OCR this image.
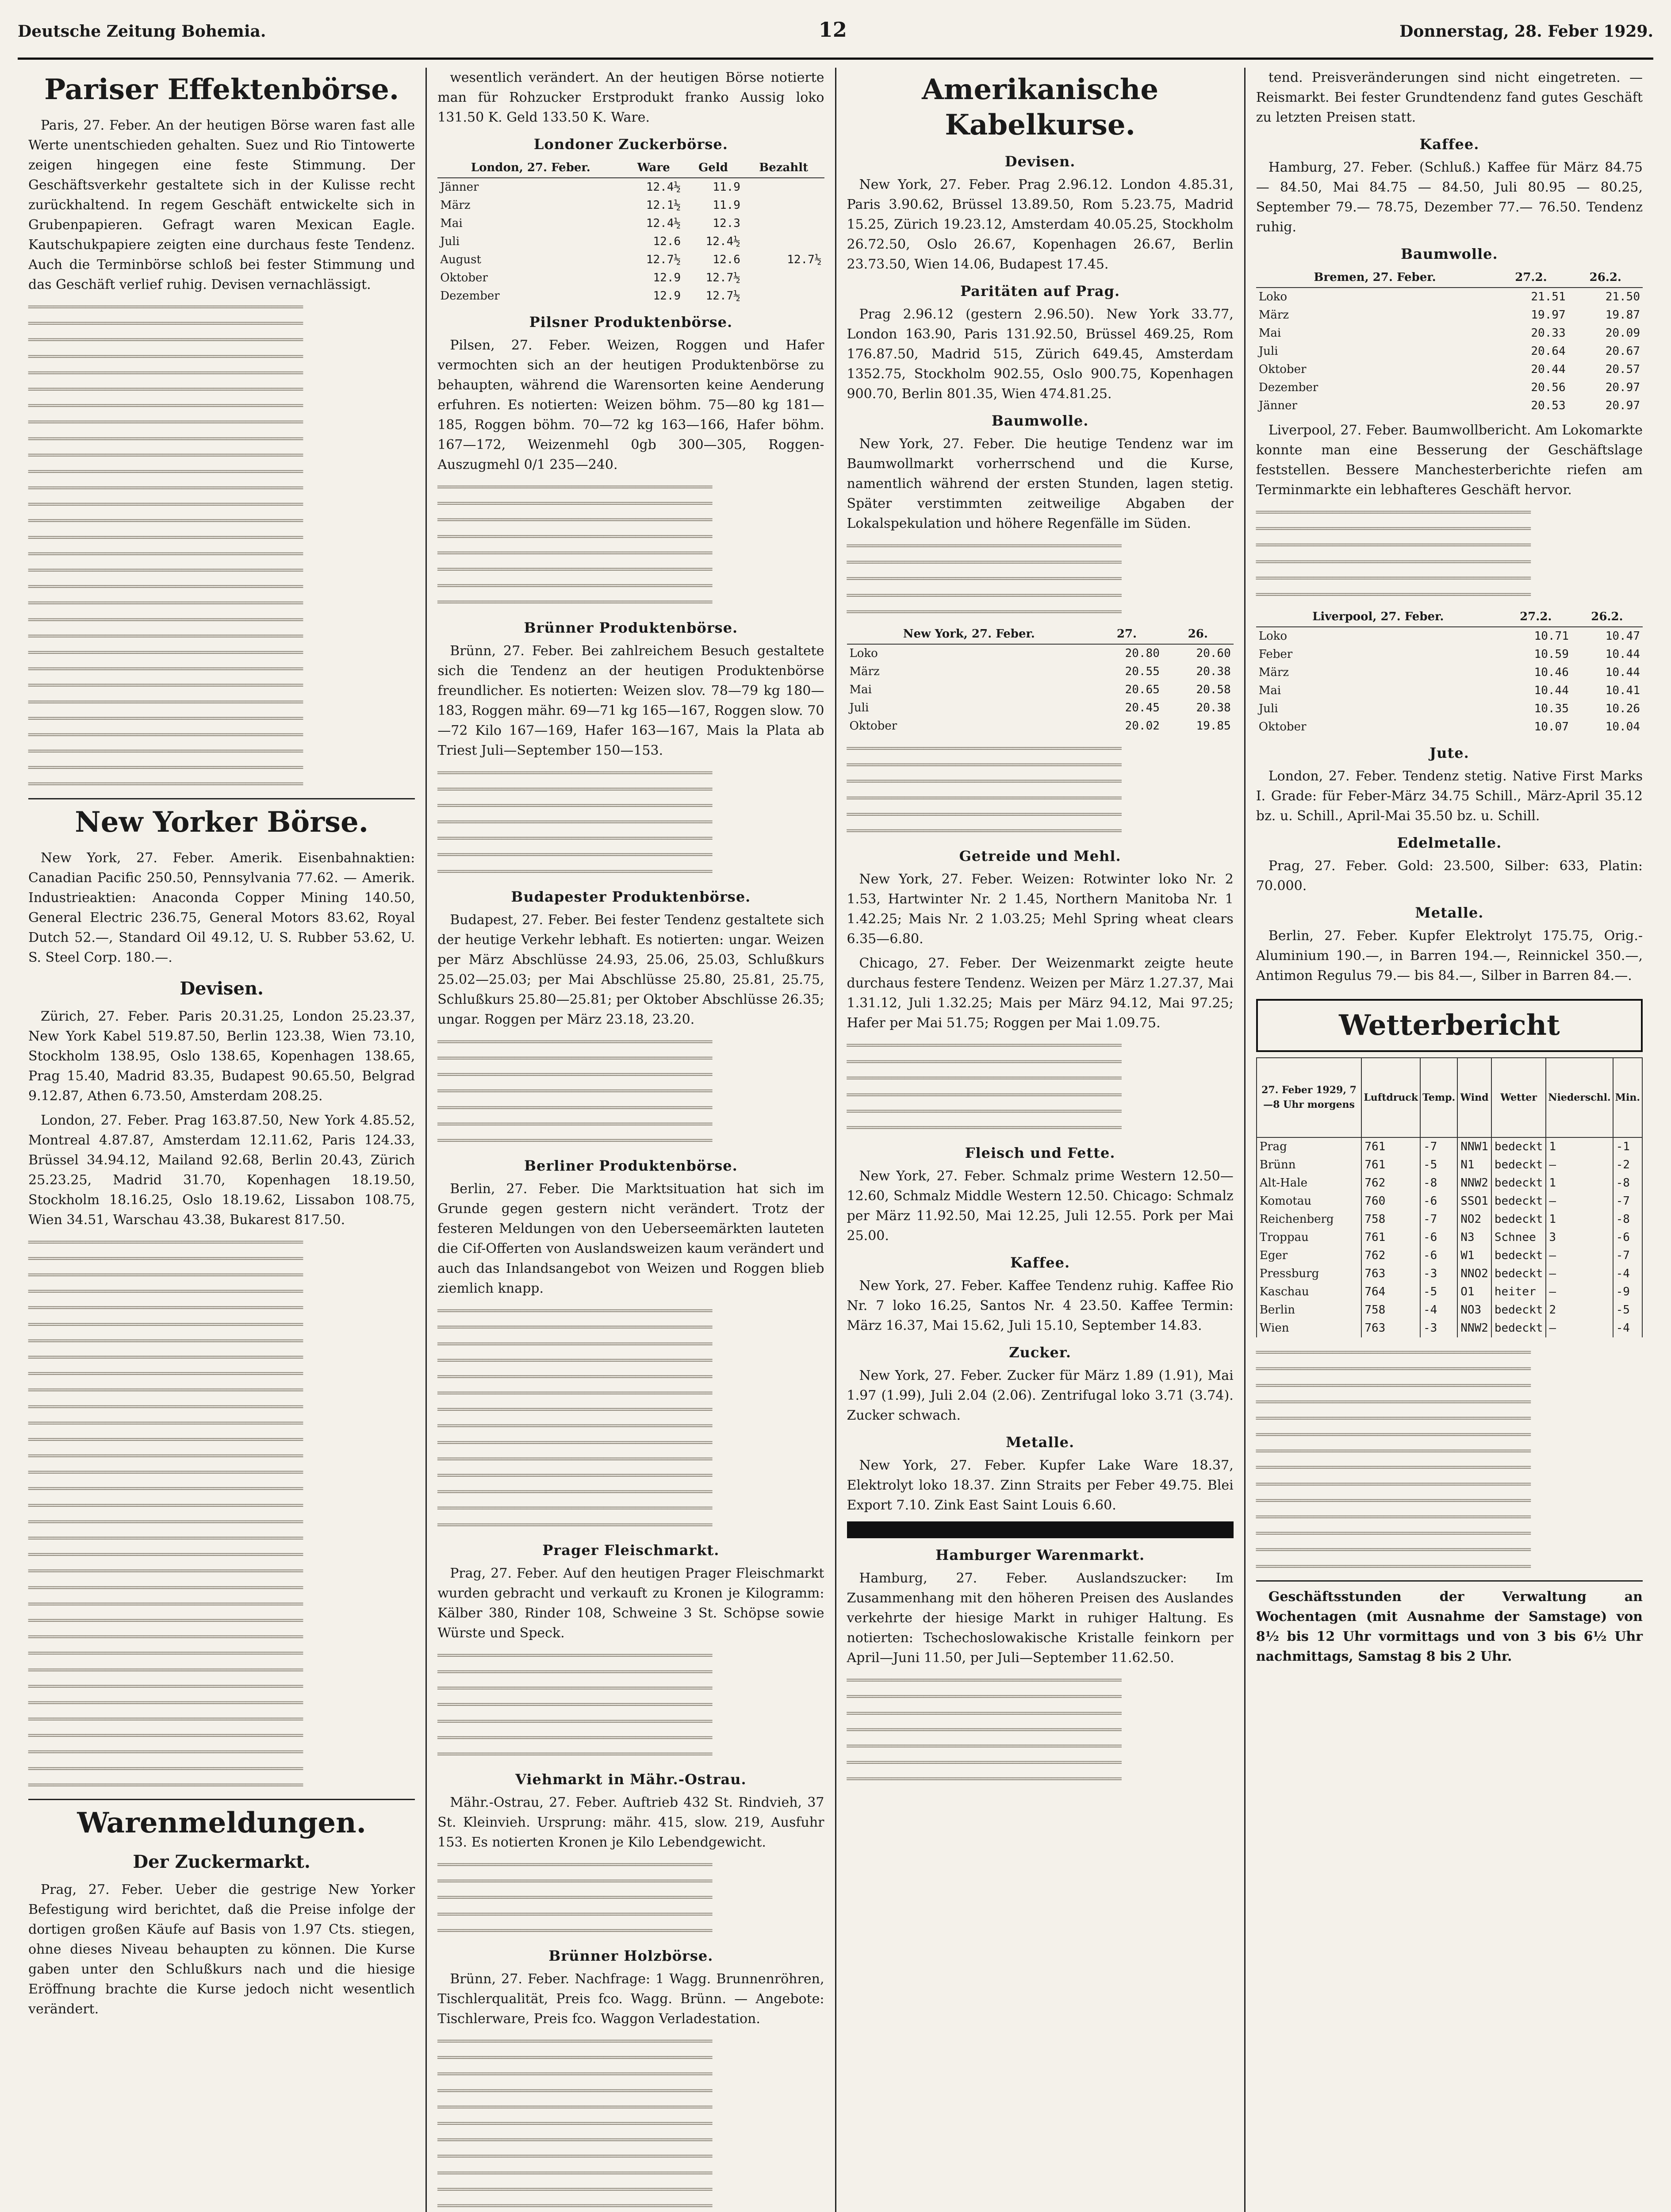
Deutsche Zeitung Bohemia.	12	Donnerstag, 28. Feber 1929.
Pariser Effektenbörse.
Paris, 27. Feber. An der heutigen Börse waren fast alle Werte unentschieden gehalten. Suez und Rio Tintowerte zeigen hingegen eine feste Stimmung. Der Geschäftsverkehr gestaltete sich in der Kulisse recht zurückhaltend. In regem Geschäft entwickelte sich in Grubenpapieren. Gefragt waren Mexican Eagle. Kautschukpapiere zeigten eine durchaus feste Tendenz. Auch die Terminbörse schloß bei fester Stimmung und das Geschäft verlief ruhig. Devisen vernachlässigt.
═══════════════════════════════════════════
═══════════════════════════════════════════
═══════════════════════════════════════════
═══════════════════════════════════════════
═══════════════════════════════════════════
═══════════════════════════════════════════
═══════════════════════════════════════════
═══════════════════════════════════════════
═══════════════════════════════════════════
═══════════════════════════════════════════
═══════════════════════════════════════════
═══════════════════════════════════════════
═══════════════════════════════════════════
═══════════════════════════════════════════
═══════════════════════════════════════════
═══════════════════════════════════════════
═══════════════════════════════════════════
═══════════════════════════════════════════
═══════════════════════════════════════════
═══════════════════════════════════════════
═══════════════════════════════════════════
═══════════════════════════════════════════
═══════════════════════════════════════════
═══════════════════════════════════════════
═══════════════════════════════════════════
═══════════════════════════════════════════
═══════════════════════════════════════════
═══════════════════════════════════════════
═══════════════════════════════════════════
═══════════════════════════════════════════
New Yorker Börse.
New York, 27. Feber. Amerik. Eisenbahnaktien: Canadian Pacific 250.50, Pennsylvania 77.62. — Amerik. Industrieaktien: Anaconda Copper Mining 140.50, General Electric 236.75, General Motors 83.62, Royal Dutch 52.—, Standard Oil 49.12, U. S. Rubber 53.62, U. S. Steel Corp. 180.—.
Devisen.
Zürich, 27. Feber. Paris 20.31.25, London 25.23.37, New York Kabel 519.87.50, Berlin 123.38, Wien 73.10, Stockholm 138.95, Oslo 138.65, Kopenhagen 138.65, Prag 15.40, Madrid 83.35, Budapest 90.65.50, Belgrad 9.12.87, Athen 6.73.50, Amsterdam 208.25.
London, 27. Feber. Prag 163.87.50, New York 4.85.52, Montreal 4.87.87, Amsterdam 12.11.62, Paris 124.33, Brüssel 34.94.12, Mailand 92.68, Berlin 20.43, Zürich 25.23.25, Madrid 31.70, Kopenhagen 18.19.50, Stockholm 18.16.25, Oslo 18.19.62, Lissabon 108.75, Wien 34.51, Warschau 43.38, Bukarest 817.50.
═══════════════════════════════════════════
═══════════════════════════════════════════
═══════════════════════════════════════════
═══════════════════════════════════════════
═══════════════════════════════════════════
═══════════════════════════════════════════
═══════════════════════════════════════════
═══════════════════════════════════════════
═══════════════════════════════════════════
═══════════════════════════════════════════
═══════════════════════════════════════════
═══════════════════════════════════════════
═══════════════════════════════════════════
═══════════════════════════════════════════
═══════════════════════════════════════════
═══════════════════════════════════════════
═══════════════════════════════════════════
═══════════════════════════════════════════
═══════════════════════════════════════════
═══════════════════════════════════════════
═══════════════════════════════════════════
═══════════════════════════════════════════
═══════════════════════════════════════════
═══════════════════════════════════════════
═══════════════════════════════════════════
═══════════════════════════════════════════
═══════════════════════════════════════════
═══════════════════════════════════════════
═══════════════════════════════════════════
═══════════════════════════════════════════
═══════════════════════════════════════════
═══════════════════════════════════════════
═══════════════════════════════════════════
═══════════════════════════════════════════
Warenmeldungen.
Der Zuckermarkt.
Prag, 27. Feber. Ueber die gestrige New Yorker Befestigung wird berichtet, daß die Preise infolge der dortigen großen Käufe auf Basis von 1.97 Cts. stiegen, ohne dieses Niveau behaupten zu können. Die Kurse gaben unter den Schlußkurs nach und die hiesige Eröffnung brachte die Kurse jedoch nicht wesentlich verändert.
wesentlich verändert. An der heutigen Börse notierte man für Rohzucker Erstprodukt franko Aussig loko 131.50 K. Geld 133.50 K. Ware.
Londoner Zuckerbörse.
London, 27. Feber.	Ware	Geld	Bezahlt
Jänner	12.4½	11.9	
März	12.1½	11.9	
Mai	12.4½	12.3	
Juli	12.6	12.4½	
August	12.7½	12.6	12.7½
Oktober	12.9	12.7½	
Dezember	12.9	12.7½	
Pilsner Produktenbörse.
Pilsen, 27. Feber. Weizen, Roggen und Hafer vermochten sich an der heutigen Produktenbörse zu behaupten, während die Warensorten keine Aenderung erfuhren. Es notierten: Weizen böhm. 75—80 kg 181—185, Roggen böhm. 70—72 kg 163—166, Hafer böhm. 167—172, Weizenmehl 0gb 300—305, Roggen-Auszugmehl 0/1 235—240.
═══════════════════════════════════════════
═══════════════════════════════════════════
═══════════════════════════════════════════
═══════════════════════════════════════════
═══════════════════════════════════════════
═══════════════════════════════════════════
═══════════════════════════════════════════
═══════════════════════════════════════════
Brünner Produktenbörse.
Brünn, 27. Feber. Bei zahlreichem Besuch gestaltete sich die Tendenz an der heutigen Produktenbörse freundlicher. Es notierten: Weizen slov. 78—79 kg 180—183, Roggen mähr. 69—71 kg 165—167, Roggen slow. 70—72 Kilo 167—169, Hafer 163—167, Mais la Plata ab Triest Juli—September 150—153.
═══════════════════════════════════════════
═══════════════════════════════════════════
═══════════════════════════════════════════
═══════════════════════════════════════════
═══════════════════════════════════════════
═══════════════════════════════════════════
═══════════════════════════════════════════
Budapester Produktenbörse.
Budapest, 27. Feber. Bei fester Tendenz gestaltete sich der heutige Verkehr lebhaft. Es notierten: ungar. Weizen per März Abschlüsse 24.93, 25.06, 25.03, Schlußkurs 25.02—25.03; per Mai Abschlüsse 25.80, 25.81, 25.75, Schlußkurs 25.80—25.81; per Oktober Abschlüsse 26.35; ungar. Roggen per März 23.18, 23.20.
═══════════════════════════════════════════
═══════════════════════════════════════════
═══════════════════════════════════════════
═══════════════════════════════════════════
═══════════════════════════════════════════
═══════════════════════════════════════════
═══════════════════════════════════════════
Berliner Produktenbörse.
Berlin, 27. Feber. Die Marktsituation hat sich im Grunde gegen gestern nicht verändert. Trotz der festeren Meldungen von den Ueberseemärkten lauteten die Cif-Offerten von Auslandsweizen kaum verändert und auch das Inlandsangebot von Weizen und Roggen blieb ziemlich knapp.
═══════════════════════════════════════════
═══════════════════════════════════════════
═══════════════════════════════════════════
═══════════════════════════════════════════
═══════════════════════════════════════════
═══════════════════════════════════════════
═══════════════════════════════════════════
═══════════════════════════════════════════
═══════════════════════════════════════════
═══════════════════════════════════════════
═══════════════════════════════════════════
═══════════════════════════════════════════
═══════════════════════════════════════════
═══════════════════════════════════════════
Prager Fleischmarkt.
Prag, 27. Feber. Auf den heutigen Prager Fleischmarkt wurden gebracht und verkauft zu Kronen je Kilogramm: Kälber 380, Rinder 108, Schweine 3 St. Schöpse sowie Würste und Speck.
═══════════════════════════════════════════
═══════════════════════════════════════════
═══════════════════════════════════════════
═══════════════════════════════════════════
═══════════════════════════════════════════
═══════════════════════════════════════════
═══════════════════════════════════════════
Viehmarkt in Mähr.-Ostrau.
Mähr.-Ostrau, 27. Feber. Auftrieb 432 St. Rindvieh, 37 St. Kleinvieh. Ursprung: mähr. 415, slow. 219, Ausfuhr 153. Es notierten Kronen je Kilo Lebendgewicht.
═══════════════════════════════════════════
═══════════════════════════════════════════
═══════════════════════════════════════════
═══════════════════════════════════════════
═══════════════════════════════════════════
Brünner Holzbörse.
Brünn, 27. Feber. Nachfrage: 1 Wagg. Brunnenröhren, Tischlerqualität, Preis fco. Wagg. Brünn. — Angebote: Tischlerware, Preis fco. Waggon Verladestation.
═══════════════════════════════════════════
═══════════════════════════════════════════
═══════════════════════════════════════════
═══════════════════════════════════════════
═══════════════════════════════════════════
═══════════════════════════════════════════
═══════════════════════════════════════════
═══════════════════════════════════════════
═══════════════════════════════════════════
═══════════════════════════════════════════
═══════════════════════════════════════════

Amerikanische Kabelkurse.
Devisen.
New York, 27. Feber. Prag 2.96.12. London 4.85.31, Paris 3.90.62, Brüssel 13.89.50, Rom 5.23.75, Madrid 15.25, Zürich 19.23.12, Amsterdam 40.05.25, Stockholm 26.72.50, Oslo 26.67, Kopenhagen 26.67, Berlin 23.73.50, Wien 14.06, Budapest 17.45.
Paritäten auf Prag.
Prag 2.96.12 (gestern 2.96.50). New York 33.77, London 163.90, Paris 131.92.50, Brüssel 469.25, Rom 176.87.50, Madrid 515, Zürich 649.45, Amsterdam 1352.75, Stockholm 902.55, Oslo 900.75, Kopenhagen 900.70, Berlin 801.35, Wien 474.81.25.
Baumwolle.
New York, 27. Feber. Die heutige Tendenz war im Baumwollmarkt vorherrschend und die Kurse, namentlich während der ersten Stunden, lagen stetig. Später verstimmten zeitweilige Abgaben der Lokalspekulation und höhere Regenfälle im Süden.
═══════════════════════════════════════════
═══════════════════════════════════════════
═══════════════════════════════════════════
═══════════════════════════════════════════
═══════════════════════════════════════════
New York, 27. Feber.	27.	26.
Loko	20.80	20.60
März	20.55	20.38
Mai	20.65	20.58
Juli	20.45	20.38
Oktober	20.02	19.85
═══════════════════════════════════════════
═══════════════════════════════════════════
═══════════════════════════════════════════
═══════════════════════════════════════════
═══════════════════════════════════════════
═══════════════════════════════════════════
Getreide und Mehl.
New York, 27. Feber. Weizen: Rotwinter loko Nr. 2 1.53, Hartwinter Nr. 2 1.45, Northern Manitoba Nr. 1 1.42.25; Mais Nr. 2 1.03.25; Mehl Spring wheat clears 6.35—6.80.
Chicago, 27. Feber. Der Weizenmarkt zeigte heute durchaus festere Tendenz. Weizen per März 1.27.37, Mai 1.31.12, Juli 1.32.25; Mais per März 94.12, Mai 97.25; Hafer per Mai 51.75; Roggen per Mai 1.09.75.
═══════════════════════════════════════════
═══════════════════════════════════════════
═══════════════════════════════════════════
═══════════════════════════════════════════
═══════════════════════════════════════════
═══════════════════════════════════════════
Fleisch und Fette.
New York, 27. Feber. Schmalz prime Western 12.50—12.60, Schmalz Middle Western 12.50. Chicago: Schmalz per März 11.92.50, Mai 12.25, Juli 12.55. Pork per Mai 25.00.
Kaffee.
New York, 27. Feber. Kaffee Tendenz ruhig. Kaffee Rio Nr. 7 loko 16.25, Santos Nr. 4 23.50. Kaffee Termin: März 16.37, Mai 15.62, Juli 15.10, September 14.83.
Zucker.
New York, 27. Feber. Zucker für März 1.89 (1.91), Mai 1.97 (1.99), Juli 2.04 (2.06). Zentrifugal loko 3.71 (3.74). Zucker schwach.
Metalle.
New York, 27. Feber. Kupfer Lake Ware 18.37, Elektrolyt loko 18.37. Zinn Straits per Feber 49.75. Blei Export 7.10. Zink East Saint Louis 6.60.
Hamburger Warenmarkt.
Hamburg, 27. Feber. Auslandszucker: Im Zusammenhang mit den höheren Preisen des Auslandes verkehrte der hiesige Markt in ruhiger Haltung. Es notierten: Tschechoslowakische Kristalle feinkorn per April—Juni 11.50, per Juli—September 11.62.50.
═══════════════════════════════════════════
═══════════════════════════════════════════
═══════════════════════════════════════════
═══════════════════════════════════════════
═══════════════════════════════════════════
═══════════════════════════════════════════
═══════════════════════════════════════════
tend. Preisveränderungen sind nicht eingetreten. — Reismarkt. Bei fester Grundtendenz fand gutes Geschäft zu letzten Preisen statt.
Kaffee.
Hamburg, 27. Feber. (Schluß.) Kaffee für März 84.75 — 84.50, Mai 84.75 — 84.50, Juli 80.95 — 80.25, September 79.— 78.75, Dezember 77.— 76.50. Tendenz ruhig.
Baumwolle.
Bremen, 27. Feber.	27.2.	26.2.
Loko	21.51	21.50
März	19.97	19.87
Mai	20.33	20.09
Juli	20.64	20.67
Oktober	20.44	20.57
Dezember	20.56	20.97
Jänner	20.53	20.97
Liverpool, 27. Feber. Baumwollbericht. Am Lokomarkte konnte man eine Besserung der Geschäftslage feststellen. Bessere Manchesterberichte riefen am Terminmarkte ein lebhafteres Geschäft hervor.
═══════════════════════════════════════════
═══════════════════════════════════════════
═══════════════════════════════════════════
═══════════════════════════════════════════
═══════════════════════════════════════════
═══════════════════════════════════════════
Liverpool, 27. Feber.	27.2.	26.2.
Loko	10.71	10.47
Feber	10.59	10.44
März	10.46	10.44
Mai	10.44	10.41
Juli	10.35	10.26
Oktober	10.07	10.04
Jute.
London, 27. Feber. Tendenz stetig. Native First Marks I. Grade: für Feber-März 34.75 Schill., März-April 35.12 bz. u. Schill., April-Mai 35.50 bz. u. Schill.
Edelmetalle.
Prag, 27. Feber. Gold: 23.500, Silber: 633, Platin: 70.000.
Metalle.
Berlin, 27. Feber. Kupfer Elektrolyt 175.75, Orig.-Aluminium 190.—, in Barren 194.—, Reinnickel 350.—, Antimon Regulus 79.— bis 84.—, Silber in Barren 84.—.
Wetterbericht
27. Feber 1929, 7—8 Uhr morgens	Luftdruck	Temp.	Wind	Wetter	Niederschl.	Min.
Prag	761	-7	NNW1	bedeckt	1	-1
Brünn	761	-5	N1	bedeckt	—	-2
Alt-Hale	762	-8	NNW2	bedeckt	1	-8
Komotau	760	-6	SSO1	bedeckt	—	-7
Reichenberg	758	-7	NO2	bedeckt	1	-8
Troppau	761	-6	N3	Schnee	3	-6
Eger	762	-6	W1	bedeckt	—	-7
Pressburg	763	-3	NNO2	bedeckt	—	-4
Kaschau	764	-5	O1	heiter	—	-9
Berlin	758	-4	NO3	bedeckt	2	-5
Wien	763	-3	NNW2	bedeckt	—	-4
═══════════════════════════════════════════
═══════════════════════════════════════════
═══════════════════════════════════════════
═══════════════════════════════════════════
═══════════════════════════════════════════
═══════════════════════════════════════════
═══════════════════════════════════════════
═══════════════════════════════════════════
═══════════════════════════════════════════
═══════════════════════════════════════════
═══════════════════════════════════════════
═══════════════════════════════════════════
═══════════════════════════════════════════
═══════════════════════════════════════════
Geschäftsstunden der Verwaltung an Wochentagen (mit Ausnahme der Samstage) von 8½ bis 12 Uhr vormittags und von 3 bis 6½ Uhr nachmittags, Samstag 8 bis 2 Uhr.
